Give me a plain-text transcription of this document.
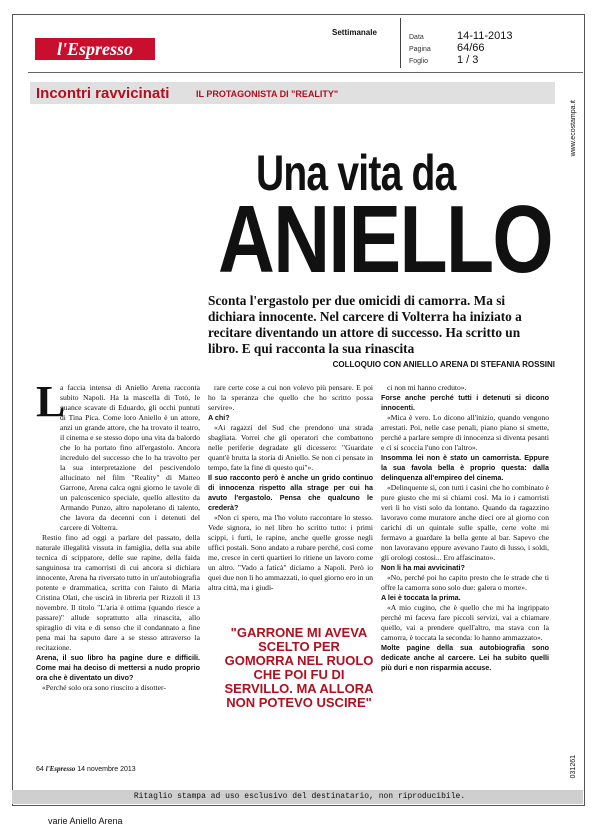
l'Espresso
Settimanale
Data	14-11-2013
Pagina 64/66
Foglio	1 / 3
Incontri ravvicinati	IL PROTAGONISTA DI "REALITY"
www.ecostampa.it
031261
Una vita da
ANIELLO
Sconta l'ergastolo per due omicidi di camorra. Ma si dichiara innocente. Nel carcere di Volterra ha iniziato a recitare diventando un attore di successo. Ha scritto un libro. E qui racconta la sua rinascita
COLLOQUIO CON ANIELLO ARENA DI STEFANIA ROSSINI
L

a faccia intensa di Aniello Arena racconta subito Napoli. Ha la mascella di Totò, le guance scavate di Eduardo, gli occhi puntuti di Tina Pica. Come loro Aniello è un attore, anzi un grande attore, che ha trovato il teatro, il cinema e se stesso dopo una vita da balordo che lo ha portato fino all'ergastolo. Ancora incredulo del successo che lo ha travolto per la sua interpretazione del pescivendolo allucinato nel film "Reality" di Matteo Garrone, Arena calca ogni giorno le tavole di un palcoscenico speciale, quello allestito da Armando Punzo, altro napoletano di talento, che lavora da decenni con i detenuti del carcere di Volterra.

Restio fino ad oggi a parlare del passato, della naturale illegalità vissuta in famiglia, della sua abile tecnica di scippatore, delle sue rapine, della faida sanguinosa tra camorristi di cui ancora si dichiara innocente, Arena ha riversato tutto in un'autobiografia potente e drammatica, scritta con l'aiuto di Maria Cristina Olati, che uscirà in libreria per Rizzoli il 13 novembre. Il titolo "L'aria è ottima (quando riesce a passare)" allude soprattutto alla rinascita, allo spiraglio di vita e di senso che il condannato a fine pena mai ha saputo dare a se stesso attraverso la recitazione.

Arena, il suo libro ha pagine dure e difficili. Come mai ha deciso di mettersi a nudo proprio ora che è diventato un divo?

«Perché solo ora sono riuscito a disotter-

rare certe cose a cui non volevo più pensare. E poi ho la speranza che quello che ho scritto possa servire».

A chi?

«Ai ragazzi del Sud che prendono una strada sbagliata. Vorrei che gli operatori che combattono nelle periferie degradate gli dicessero: "Guardate quant'è brutta la storia di Aniello. Se non ci pensate in tempo, fate la fine di questo qui"».

Il suo racconto però è anche un grido continuo di innocenza rispetto alla strage per cui ha avuto l'ergastolo. Pensa che qualcuno le crederà?

«Non ci spero, ma l'ho voluto raccontare lo stesso. Vede signora, io nel libro ho scritto tutto: i primi scippi, i furti, le rapine, anche quelle grosse negli uffici postali. Sono andato a rubare perché, così come me, cresce in certi quartieri lo ritiene un lavoro come un altro. "Vado a faticà" diciamo a Napoli. Però io quei due non li ho ammazzati, io quel giorno ero in un altra città, ma i giudi-

ci non mi hanno creduto».

Forse anche perché tutti i detenuti si dicono innocenti.

«Mica è vero. Lo dicono all'inizio, quando vengono arrestati. Poi, nelle case penali, piano piano si smette, perché a parlare sempre di innocenza si diventa pesanti e ci si scoccia l'uno con l'altro».

Insomma lei non è stato un camorrista. Eppure la sua favola bella è proprio questa: dalla delinquenza all'empireo del cinema.

«Delinquente sì, con tutti i casini che ho combinato è pure giusto che mi si chiami così. Ma io i camorristi veri li ho visti solo da lontano. Quando da ragazzino lavoravo come muratore anche dieci ore al giorno con carichi di un quintale sulle spalle, certe volte mi fermavo a guardare la bella gente al bar. Sapevo che non lavoravano eppure avevano l'auto di lusso, i soldi, gli orologi costosi... Ero affascinato».

Non li ha mai avvicinati?

«No, perché poi ho capito presto che le strade che ti offre la camorra sono solo due: galera o morte».

A lei è toccata la prima.

«A mio cugino, che è quello che mi ha ingrippato perché mi faceva fare piccoli servizi, vai a chiamare quello, vai a prendere quell'altro, ma stava con la camorra, è toccata la seconda: lo hanno ammazzato».

Molte pagine della sua autobiografia sono dedicate anche al carcere. Lei ha subito quelli più duri e non risparmia accuse.

"GARRONE MI AVEVA SCELTO PER GOMORRA NEL RUOLO CHE POI FU DI SERVILLO. MA ALLORA NON POTEVO USCIRE"
64 l'Espresso 14 novembre 2013
Ritaglio stampa ad uso esclusivo del destinatario, non riproducibile.
varie Aniello Arena
